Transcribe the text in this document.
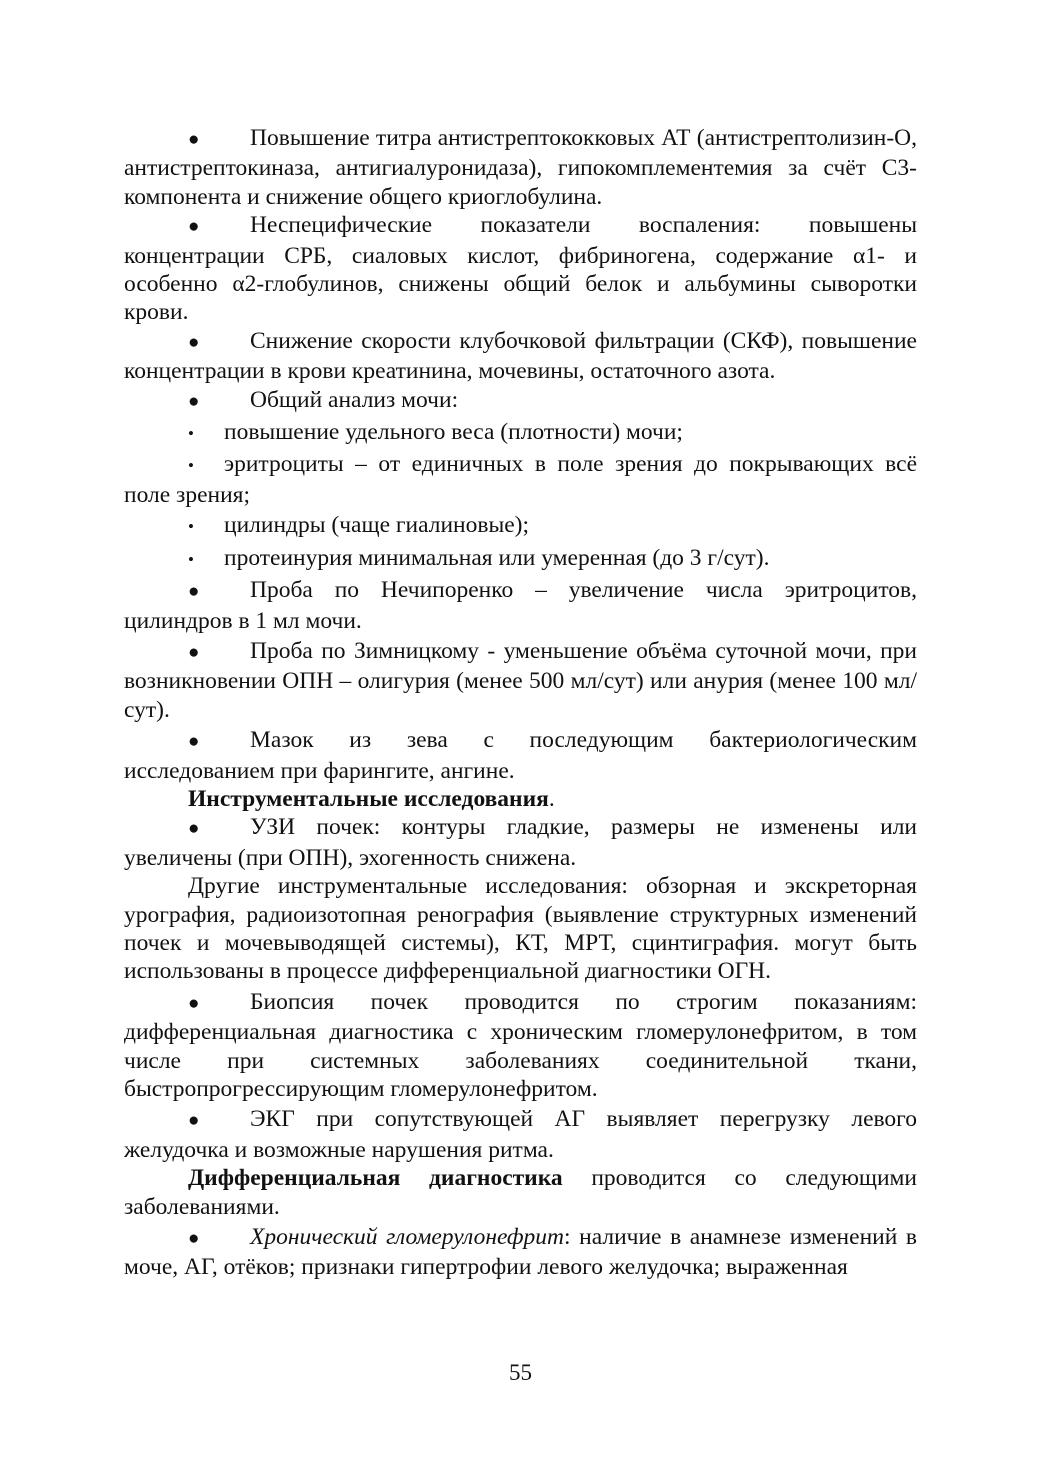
● Повышение титра антистрептококковых АТ (антистрептолизин-О, антистрептокиназа, антигиалуронидаза), гипокомплементемия за счёт С3-компонента и снижение общего криоглобулина.

● Неспецифические показатели воспаления: повышены концентрации СРБ, сиаловых кислот, фибриногена, содержание α1- и особенно α2-глобулинов, снижены общий белок и альбумины сыворотки крови.

● Снижение скорости клубочковой фильтрации (СКФ), повышение концентрации в крови креатинина, мочевины, остаточного азота.

● Общий анализ мочи:

• повышение удельного веса (плотности) мочи;

• эритроциты – от единичных в поле зрения до покрывающих всё поле зрения;

• цилиндры (чаще гиалиновые);

• протеинурия минимальная или умеренная (до 3 г/сут).

● Проба по Нечипоренко – увеличение числа эритроцитов, цилиндров в 1 мл мочи.

● Проба по Зимницкому - уменьшение объёма суточной мочи, при возникновении ОПН – олигурия (менее 500 мл/сут) или анурия (менее 100 мл/сут).

● Мазок из зева с последующим бактериологическим исследованием при фарингите, ангине.

Инструментальные исследования.

● УЗИ почек: контуры гладкие, размеры не изменены или увеличены (при ОПН), эхогенность снижена.

Другие инструментальные исследования: обзорная и экскреторная урография, радиоизотопная ренография (выявление структурных изменений почек и мочевыводящей системы), КТ, МРТ, сцинтиграфия. могут быть использованы в процессе дифференциальной диагностики ОГН.

● Биопсия почек проводится по строгим показаниям: дифференциальная диагностика с хроническим гломерулонефритом, в том числе при системных заболеваниях соединительной ткани, быстропрогрессирующим гломерулонефритом.

● ЭКГ при сопутствующей АГ выявляет перегрузку левого желудочка и возможные нарушения ритма.

Дифференциальная диагностика проводится со следующими заболеваниями.

● Хронический гломерулонефрит: наличие в анамнезе изменений в моче, АГ, отёков; признаки гипертрофии левого желудочка; выраженная

55
